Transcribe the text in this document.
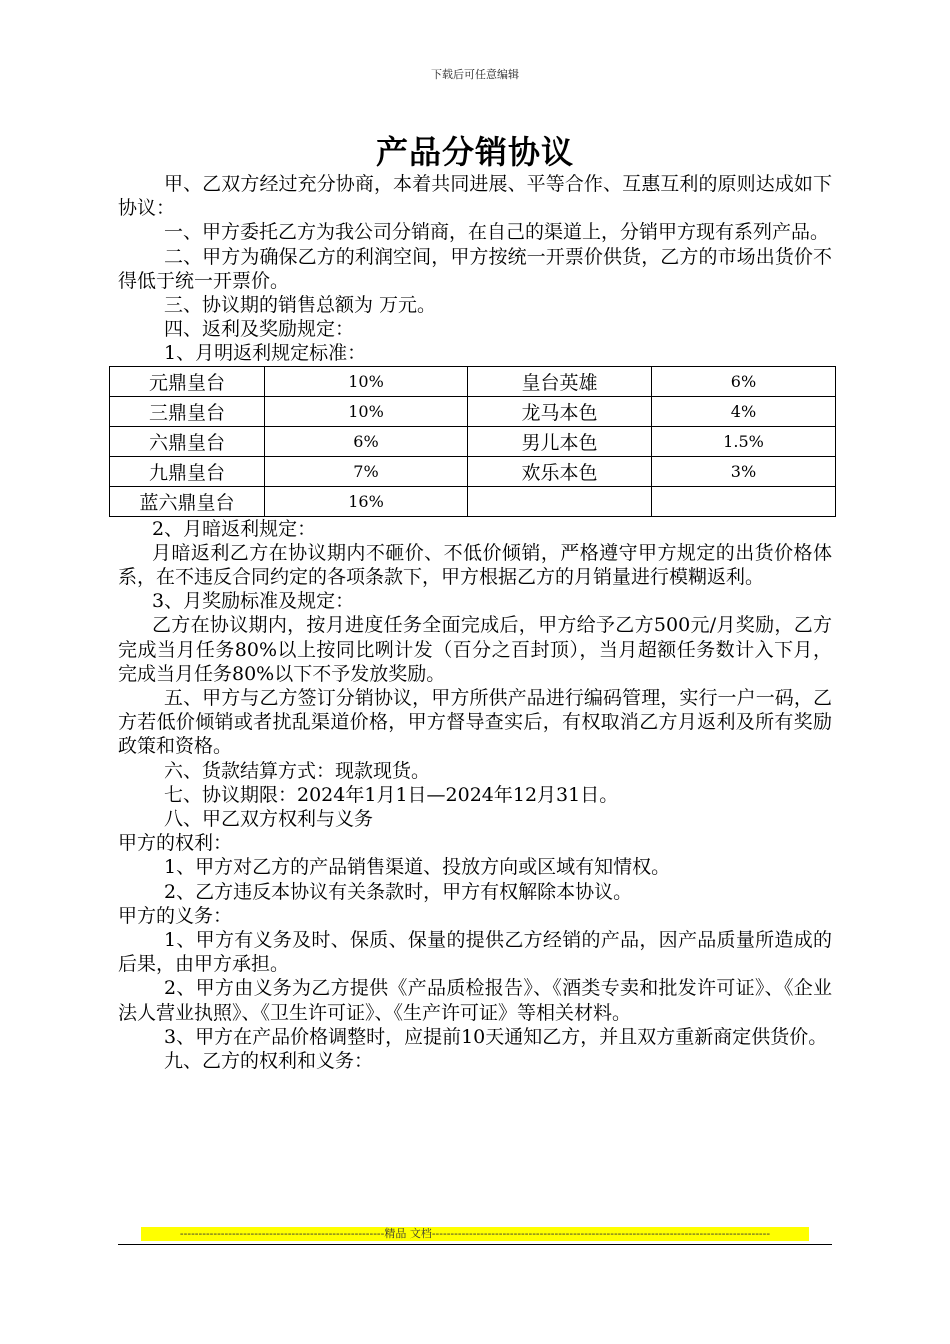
下载后可任意编辑
产品分销协议

甲、乙双方经过充分协商，本着共同进展、平等合作、互惠互利的原则达成如下协议：

一、甲方委托乙方为我公司分销商，在自己的渠道上，分销甲方现有系列产品。

二、甲方为确保乙方的利润空间，甲方按统一开票价供货，乙方的市场出货价不得低于统一开票价。

三、协议期的销售总额为 万元。

四、返利及奖励规定：

1、月明返利规定标准：

元鼎皇台	10%	皇台英雄	6%
三鼎皇台	10%	龙马本色	4%
六鼎皇台	6%	男儿本色	1.5%
九鼎皇台	7%	欢乐本色	3%
蓝六鼎皇台	16%		

2、月暗返利规定：

月暗返利乙方在协议期内不砸价、不低价倾销，严格遵守甲方规定的出货价格体系，在不违反合同约定的各项条款下，甲方根据乙方的月销量进行模糊返利。

3、月奖励标准及规定：

乙方在协议期内，按月进度任务全面完成后，甲方给予乙方500元/月奖励，乙方完成当月任务80%以上按同比咧计发（百分之百封顶），当月超额任务数计入下月，完成当月任务80%以下不予发放奖励。

五、甲方与乙方签订分销协议，甲方所供产品进行编码管理，实行一户一码，乙方若低价倾销或者扰乱渠道价格，甲方督导查实后，有权取消乙方月返利及所有奖励政策和资格。

六、货款结算方式：现款现货。

七、协议期限：2024年1月1日—2024年12月31日。

八、甲乙双方权利与义务

甲方的权利：

1、甲方对乙方的产品销售渠道、投放方向或区域有知情权。

2、乙方违反本协议有关条款时，甲方有权解除本协议。

甲方的义务：

1、甲方有义务及时、保质、保量的提供乙方经销的产品，因产品质量所造成的后果，由甲方承担。

2、甲方由义务为乙方提供《产品质检报告》、《酒类专卖和批发许可证》、《企业法人营业执照》、《卫生许可证》、《生产许可证》等相关材料。

3、甲方在产品价格调整时，应提前10天通知乙方，并且双方重新商定供货价。

九、乙方的权利和义务：

-------------------------------------------------------精品 文档-------------------------------------------------------------------------------------------
